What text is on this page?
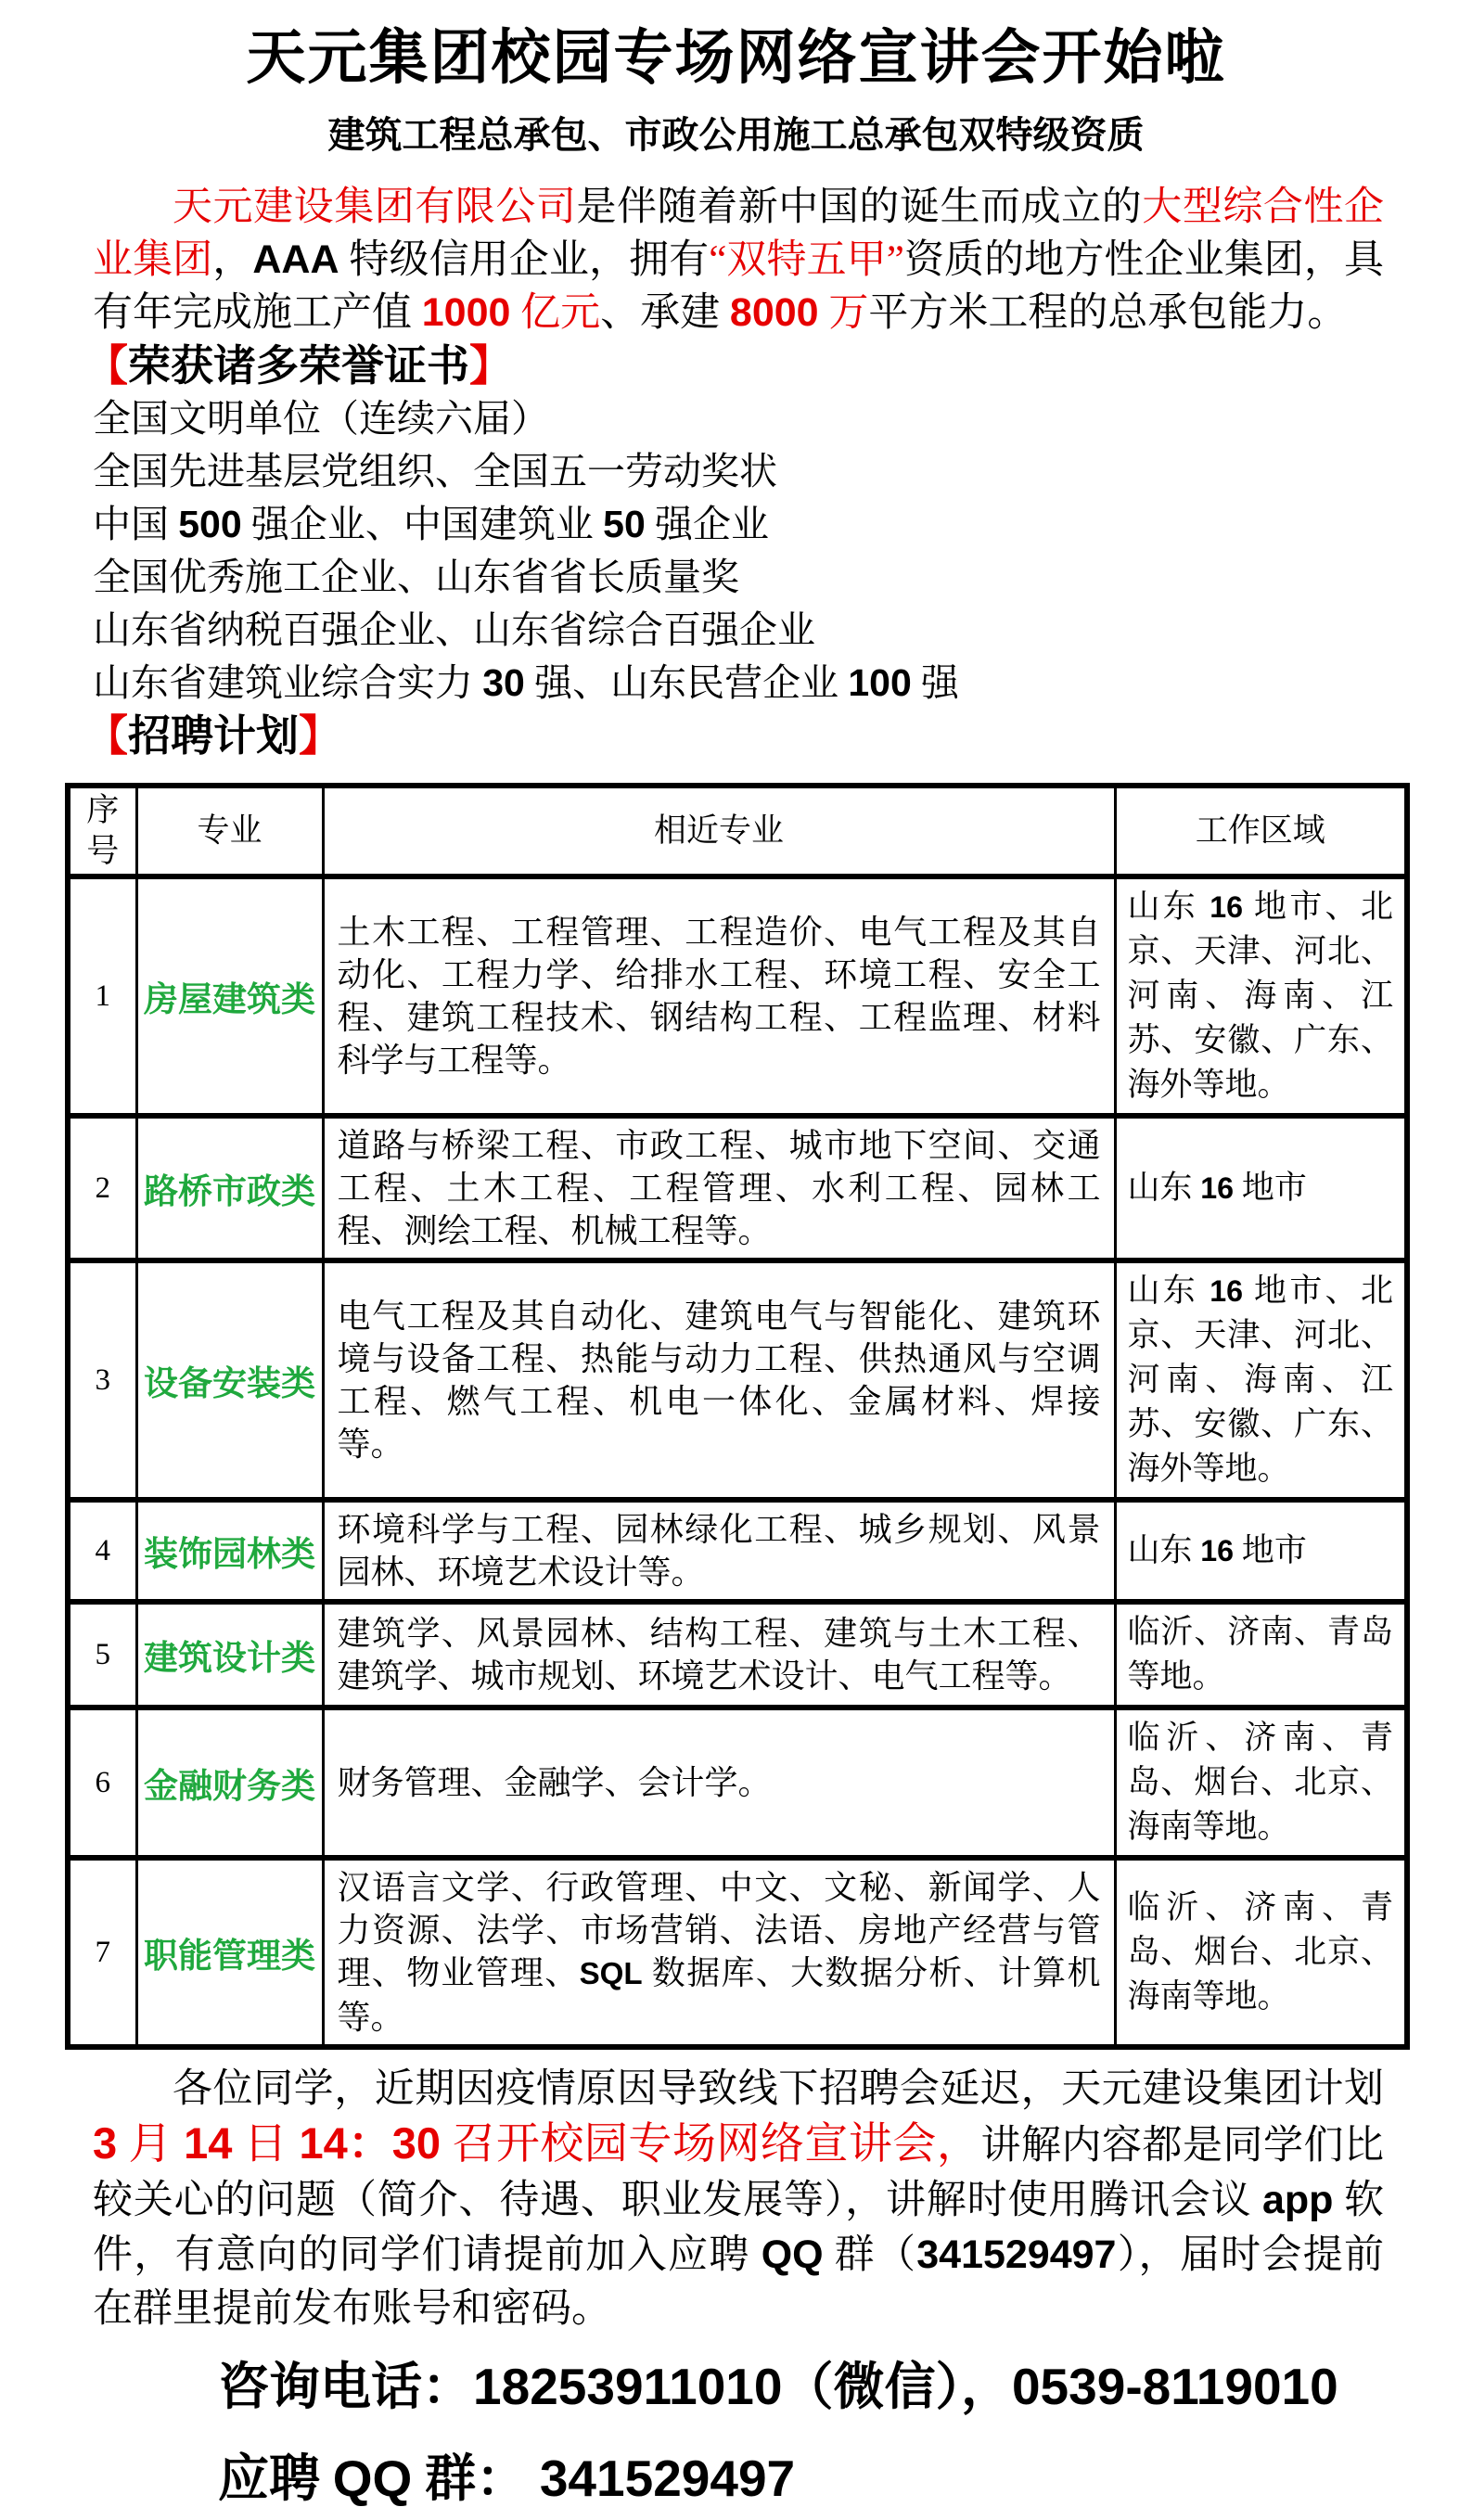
天元集团校园专场网络宣讲会开始啦
建筑工程总承包、市政公用施工总承包双特级资质

天元建设集团有限公司是伴随着新中国的诞生而成立的大型综合性企业集团，AAA 特级信用企业，拥有“双特五甲”资质的地方性企业集团，具有年完成施工产值 1000 亿元、承建 8000 万平方米工程的总承包能力。

【荣获诸多荣誉证书】
全国文明单位（连续六届）
全国先进基层党组织、全国五一劳动奖状
中国 500 强企业、中国建筑业 50 强企业
全国优秀施工企业、山东省省长质量奖
山东省纳税百强企业、山东省综合百强企业
山东省建筑业综合实力 30 强、山东民营企业 100 强
【招聘计划】
序号	专业	相近专业	工作区域
1	房屋建筑类	土木工程、工程管理、工程造价、电气工程及其自动化、工程力学、给排水工程、环境工程、安全工程、建筑工程技术、钢结构工程、工程监理、材料科学与工程等。	山东 16 地市、北京、天津、河北、河南、海南、江苏、安徽、广东、海外等地。
2	路桥市政类	道路与桥梁工程、市政工程、城市地下空间、交通工程、土木工程、工程管理、水利工程、园林工程、测绘工程、机械工程等。	山东 16 地市
3	设备安装类	电气工程及其自动化、建筑电气与智能化、建筑环境与设备工程、热能与动力工程、供热通风与空调工程、燃气工程、机电一体化、金属材料、焊接等。	山东 16 地市、北京、天津、河北、河南、海南、江苏、安徽、广东、海外等地。
4	装饰园林类	环境科学与工程、园林绿化工程、城乡规划、风景园林、环境艺术设计等。	山东 16 地市
5	建筑设计类	建筑学、风景园林、结构工程、建筑与土木工程、建筑学、城市规划、环境艺术设计、电气工程等。	临沂、济南、青岛等地。
6	金融财务类	财务管理、金融学、会计学。	临沂、济南、青岛、烟台、北京、海南等地。
7	职能管理类	汉语言文学、行政管理、中文、文秘、新闻学、人力资源、法学、市场营销、法语、房地产经营与管理、物业管理、SQL 数据库、大数据分析、计算机等。	临沂、济南、青岛、烟台、北京、海南等地。

各位同学，近期因疫情原因导致线下招聘会延迟，天元建设集团计划3 月 14 日 14：30 召开校园专场网络宣讲会，讲解内容都是同学们比较关心的问题（简介、待遇、职业发展等），讲解时使用腾讯会议 app 软件，有意向的同学们请提前加入应聘 QQ 群（341529497），届时会提前在群里提前发布账号和密码。

咨询电话：18253911010（微信），0539-8119010
应聘 QQ 群： 341529497
